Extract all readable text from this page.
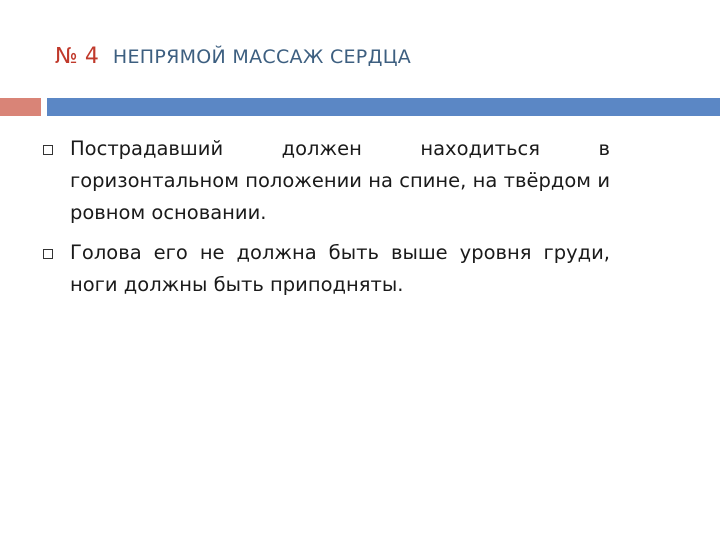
№ 4 НЕПРЯМОЙ МАССАЖ СЕРДЦА
Пострадавший должен находиться в горизонтальном положении на спине, на твёрдом и ровном основании.
Голова его не должна быть выше уровня груди, ноги должны быть приподняты.
